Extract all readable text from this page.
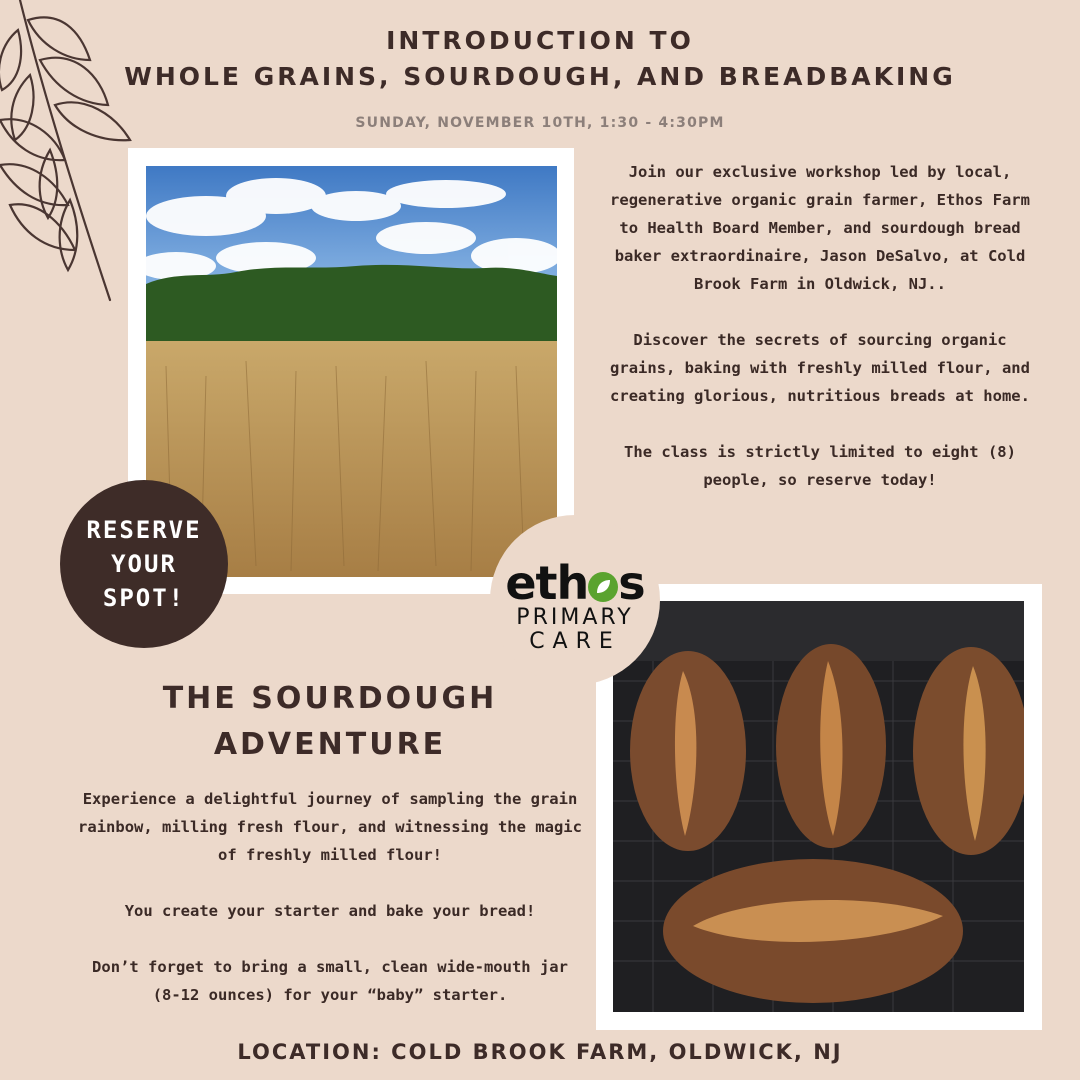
INTRODUCTION TO
WHOLE GRAINS, SOURDOUGH, AND BREADBAKING
SUNDAY, NOVEMBER 10TH, 1:30 - 4:30PM

Join our exclusive workshop led by local, regenerative organic grain farmer, Ethos Farm to Health Board Member, and sourdough bread baker extraordinaire, Jason DeSalvo, at Cold Brook Farm in Oldwick, NJ..

Discover the secrets of sourcing organic grains, baking with freshly milled flour, and creating glorious, nutritious breads at home.

The class is strictly limited to eight (8) people, so reserve today!

RESERVE
YOUR
SPOT!	eth s
PRIMARY
CARE
THE SOURDOUGH
ADVENTURE

Experience a delightful journey of sampling the grain rainbow, milling fresh flour, and witnessing the magic of freshly milled flour!

You create your starter and bake your bread!

Don’t forget to bring a small, clean wide-mouth jar (8-12 ounces) for your “baby” starter.

LOCATION: COLD BROOK FARM, OLDWICK, NJ
